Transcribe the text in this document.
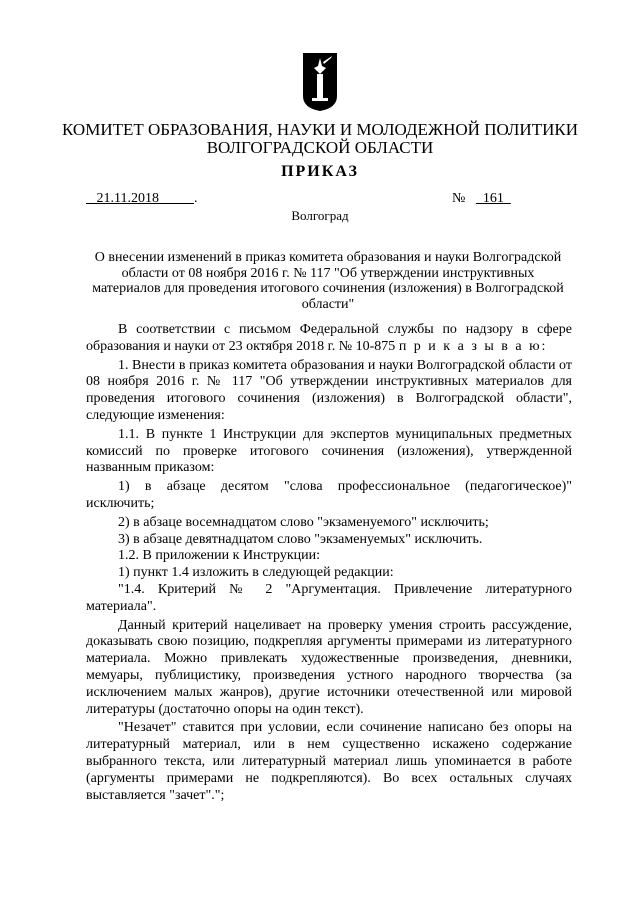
КОМИТЕТ ОБРАЗОВАНИЯ, НАУКИ И МОЛОДЕЖНОЙ ПОЛИТИКИ
ВОЛГОГРАДСКОЙ ОБЛАСТИ
ПРИКАЗ
21.11.2018	.	№ 161
Волгоград
О внесении изменений в приказ комитета образования и науки Волгоградской области от 08 ноября 2016 г. № 117 "Об утверждении инструктивных материалов для проведения итогового сочинения (изложения) в Волгоградской области"

В соответствии с письмом Федеральной службы по надзору в сфере образования и науки от 23 октября 2018 г. № 10-875 п р и к а з ы в а ю:

1. Внести в приказ комитета образования и науки Волгоградской области от 08 ноября 2016 г. № 117 "Об утверждении инструктивных материалов для проведения итогового сочинения (изложения) в Волгоградской области", следующие изменения:

1.1. В пункте 1 Инструкции для экспертов муниципальных предметных комиссий по проверке итогового сочинения (изложения), утвержденной названным приказом:

1) в абзаце десятом "слова профессиональное (педагогическое)" исключить;

2) в абзаце восемнадцатом слово "экзаменуемого" исключить;

3) в абзаце девятнадцатом слово "экзаменуемых" исключить.

1.2. В приложении к Инструкции:

1) пункт 1.4 изложить в следующей редакции:

"1.4. Критерий № 2 "Аргументация. Привлечение литературного материала".

Данный критерий нацеливает на проверку умения строить рассуждение, доказывать свою позицию, подкрепляя аргументы примерами из литературного материала. Можно привлекать художественные произведения, дневники, мемуары, публицистику, произведения устного народного творчества (за исключением малых жанров), другие источники отечественной или мировой литературы (достаточно опоры на один текст).

"Незачет" ставится при условии, если сочинение написано без опоры на литературный материал, или в нем существенно искажено содержание выбранного текста, или литературный материал лишь упоминается в работе (аргументы примерами не подкрепляются). Во всех остальных случаях выставляется "зачет".";
